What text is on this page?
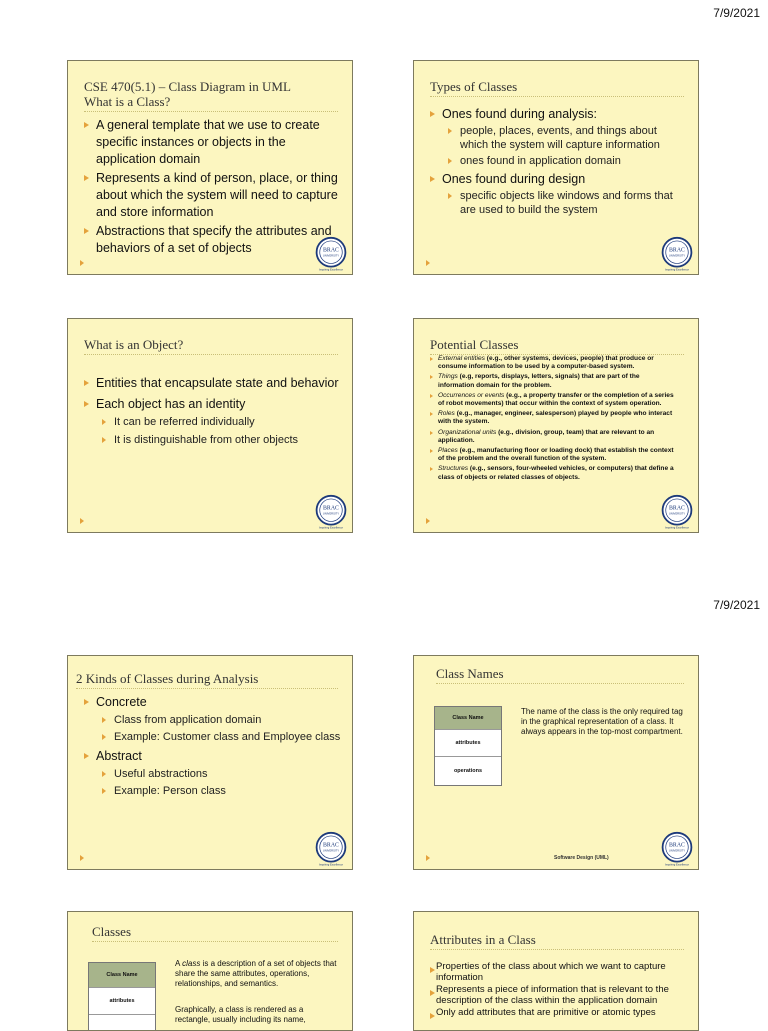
7/9/2021
CSE 470(5.1) – Class Diagram in UML
What is a Class?
A general template that we use to create specific instances or objects in the application domain
Represents a kind of person, place, or thing about which the system will need to capture and store information
Abstractions that specify the attributes and behaviors of a set of objects	BRAC
UNIVERSITY
Inspiring Excellence
Types of Classes
Ones found during analysis:
people, places, events, and things about which the system will capture information
ones found in application domain
Ones found during design
specific objects like windows and forms that are used to build the system
BRAC
UNIVERSITY
Inspiring Excellence
What is an Object?
Entities that encapsulate state and behavior
Each object has an identity
It can be referred individually
It is distinguishable from other objects
BRAC
UNIVERSITY
Inspiring Excellence
Potential Classes
External entities (e.g., other systems, devices, people) that produce or consume information to be used by a computer-based system.
Things (e.g, reports, displays, letters, signals) that are part of the information domain for the problem.
Occurrences or events (e.g., a property transfer or the completion of a series of robot movements) that occur within the context of system operation.
Roles (e.g., manager, engineer, salesperson) played by people who interact with the system.
Organizational units (e.g., division, group, team) that are relevant to an application.
Places (e.g., manufacturing floor or loading dock) that establish the context of the problem and the overall function of the system.
Structures (e.g., sensors, four-wheeled vehicles, or computers) that define a class of objects or related classes of objects.
BRAC
UNIVERSITY
Inspiring Excellence
7/9/2021
2 Kinds of Classes during Analysis
Concrete
Class from application domain
Example: Customer class and Employee class
Abstract
Useful abstractions
Example: Person class
BRAC
UNIVERSITY
Inspiring Excellence
Class Names
Class Name
attributes
operations
The name of the class is the only required tag in the graphical representation of a class. It always appears in the top-most compartment.
Software Design (UML)
BRAC
UNIVERSITY
Inspiring Excellence
Classes
Class Name
attributes
A class is a description of a set of objects that share the same attributes, operations, relationships, and semantics.
Graphically, a class is rendered as a rectangle, usually including its name,
Attributes in a Class
Properties of the class about which we want to capture information
Represents a piece of information that is relevant to the description of the class within the application domain
Only add attributes that are primitive or atomic types
